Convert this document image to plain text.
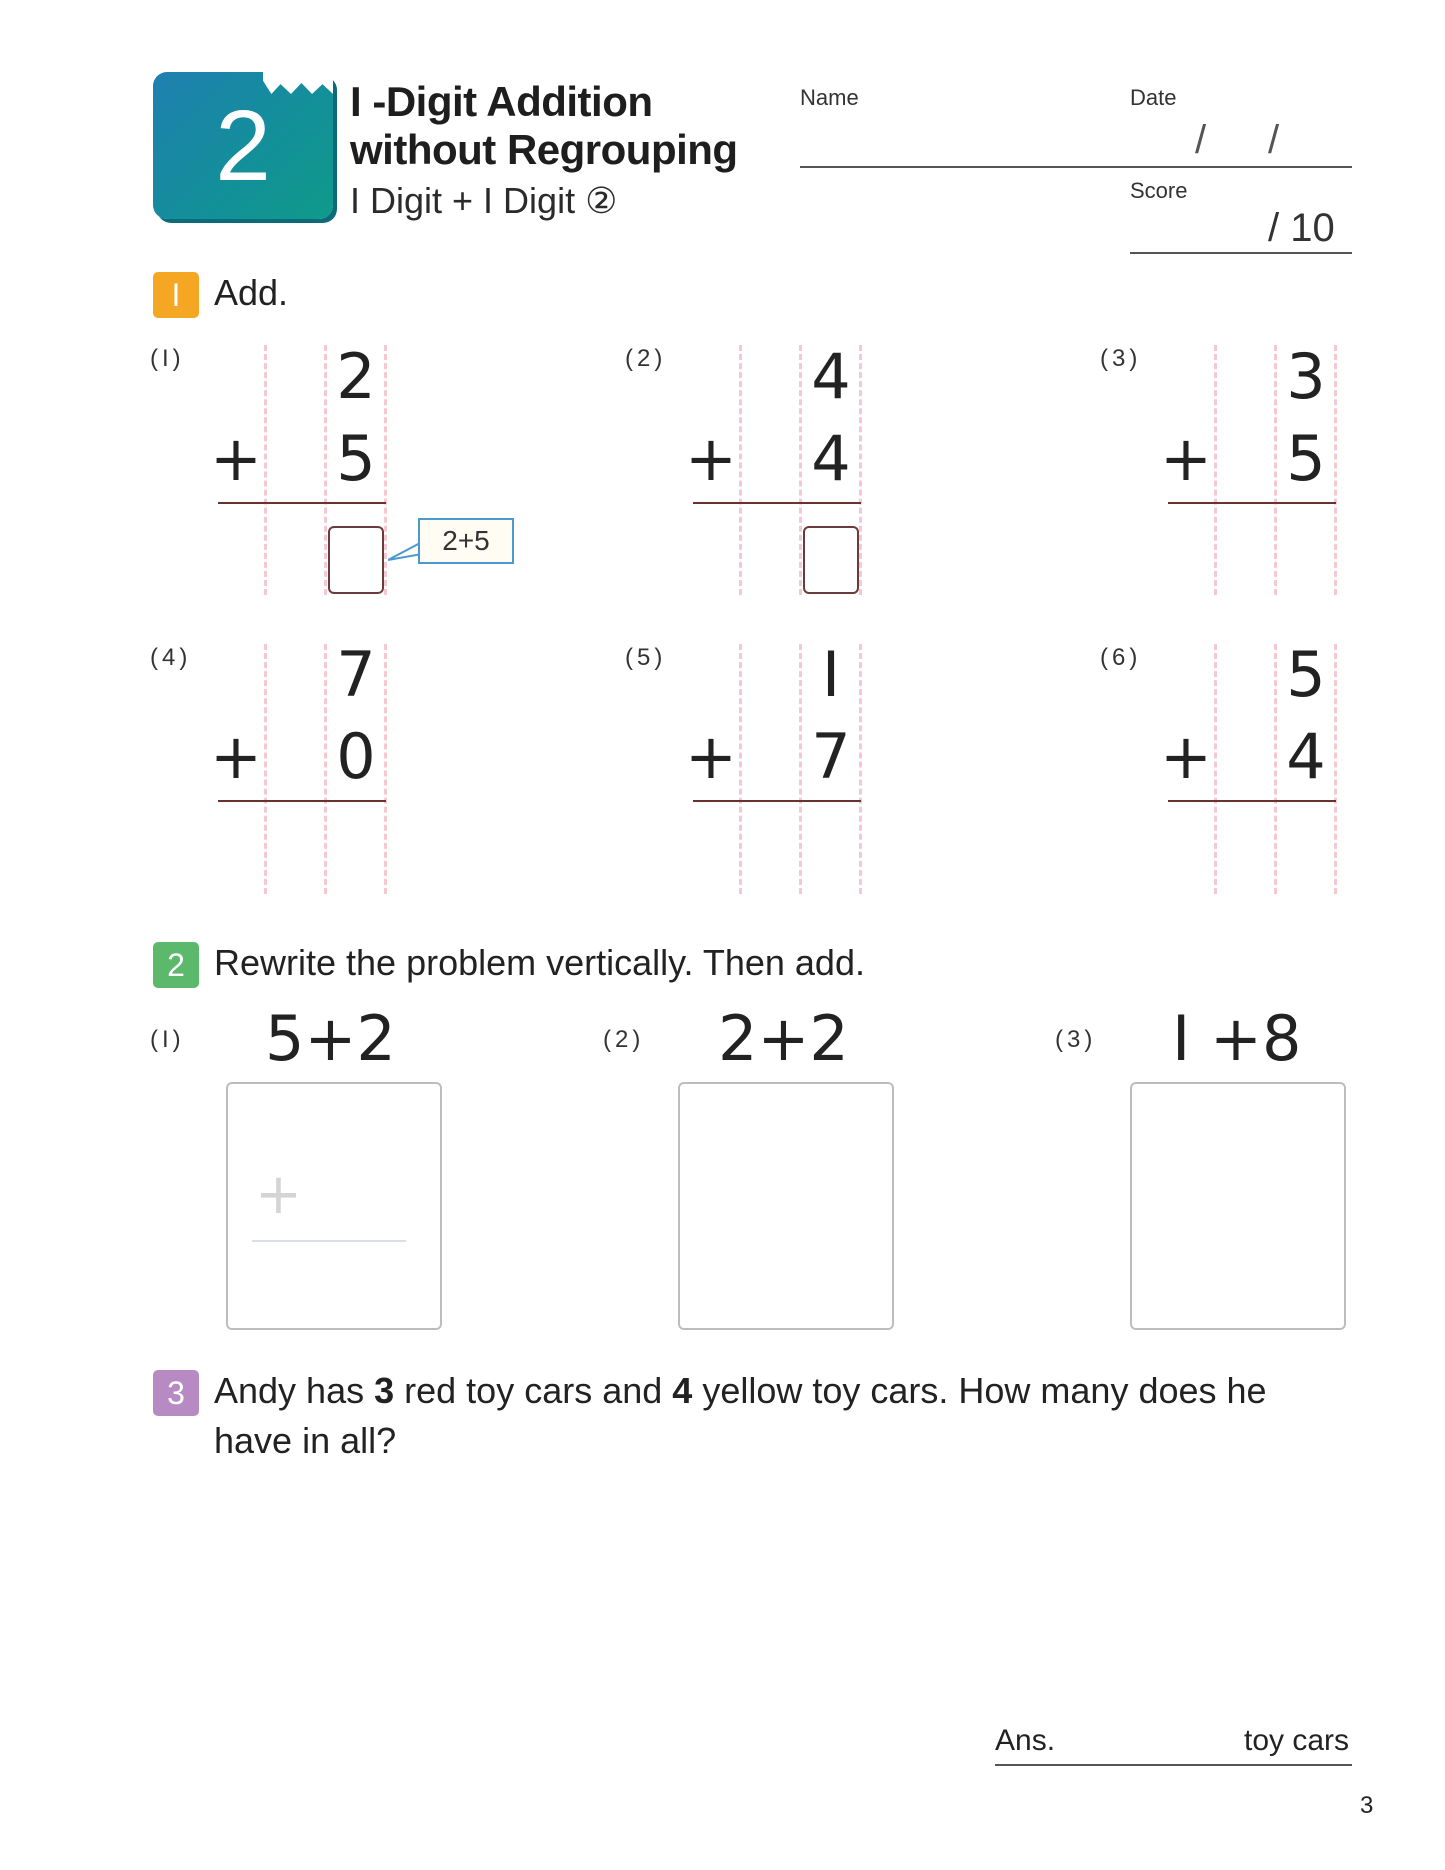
2	I -Digit Addition
without Regrouping
I Digit + I Digit ②
Name	Date
/ /
Score
/ 10
I Add.
(I) 2
+ 5
2+5
(2) 4
+ 4
(3) 3
+ 5
(4) 7
+ 0
(5)	I
+ 7
(6) 5
+ 4
2 Rewrite the problem vertically. Then add.
(I) 5+2
+
(2) 2+2	(3) I +8
3 Andy has 3 red toy cars and 4 yellow toy cars. How many does he
have in all?
Ans.	toy cars
3
